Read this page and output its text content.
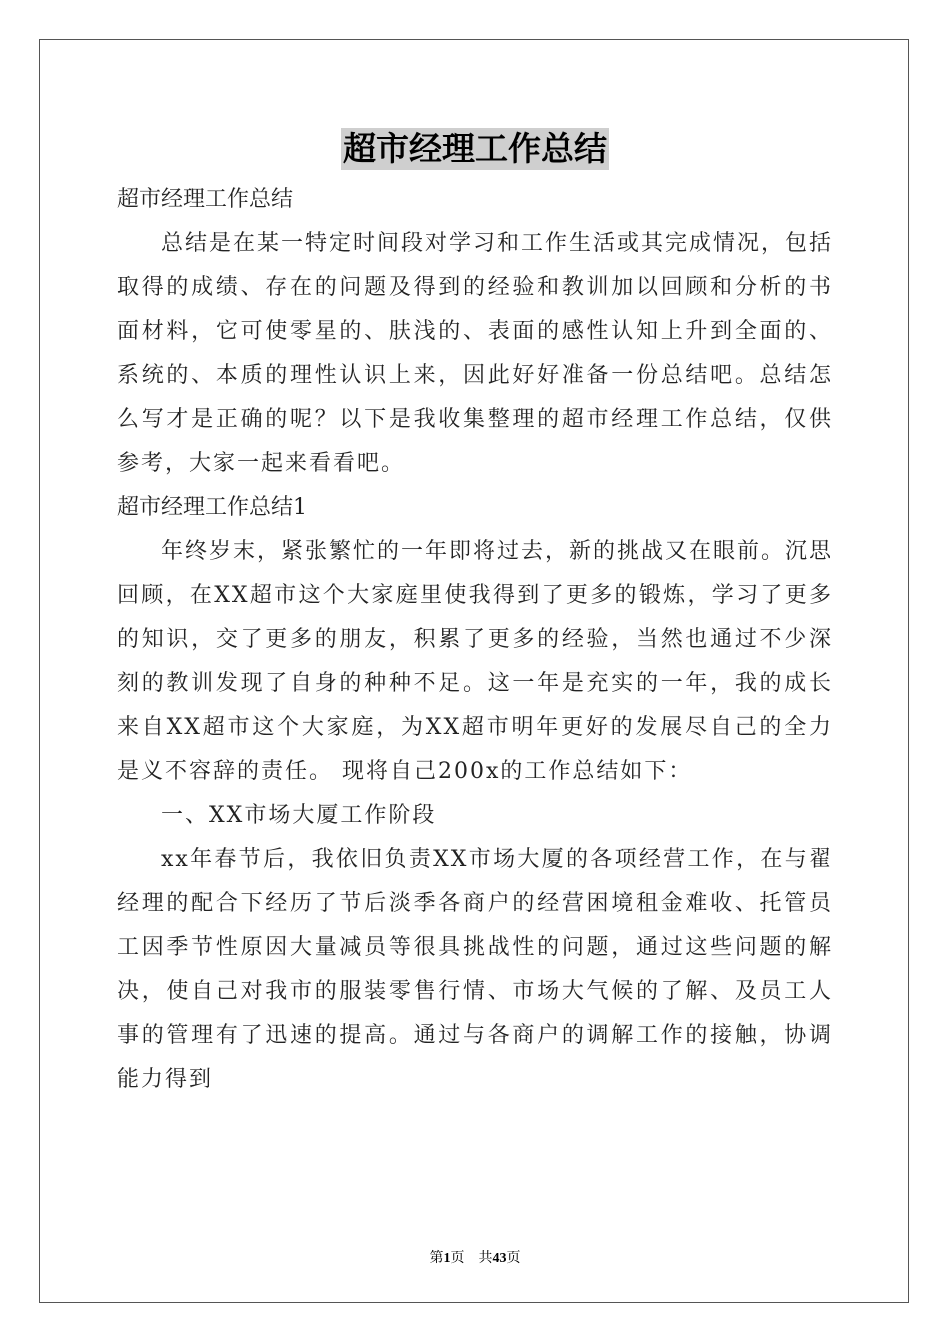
超市经理工作总结

超市经理工作总结

总结是在某一特定时间段对学习和工作生活或其完成情况，包括取得的成绩、存在的问题及得到的经验和教训加以回顾和分析的书面材料，它可使零星的、肤浅的、表面的感性认知上升到全面的、系统的、本质的理性认识上来，因此好好准备一份总结吧。总结怎么写才是正确的呢？以下是我收集整理的超市经理工作总结，仅供参考，大家一起来看看吧。

超市经理工作总结1

年终岁末，紧张繁忙的一年即将过去，新的挑战又在眼前。沉思回顾，在XX超市这个大家庭里使我得到了更多的锻炼，学习了更多的知识，交了更多的朋友，积累了更多的经验，当然也通过不少深刻的教训发现了自身的种种不足。这一年是充实的一年，我的成长来自XX超市这个大家庭，为XX超市明年更好的发展尽自己的全力是义不容辞的责任。 现将自己200x的工作总结如下：

一、XX市场大厦工作阶段

xx年春节后，我依旧负责XX市场大厦的各项经营工作，在与翟经理的配合下经历了节后淡季各商户的经营困境租金难收、托管员工因季节性原因大量减员等很具挑战性的问题，通过这些问题的解决，使自己对我市的服装零售行情、市场大气候的了解、及员工人事的管理有了迅速的提高。通过与各商户的调解工作的接触，协调能力得到

第1页　共43页
